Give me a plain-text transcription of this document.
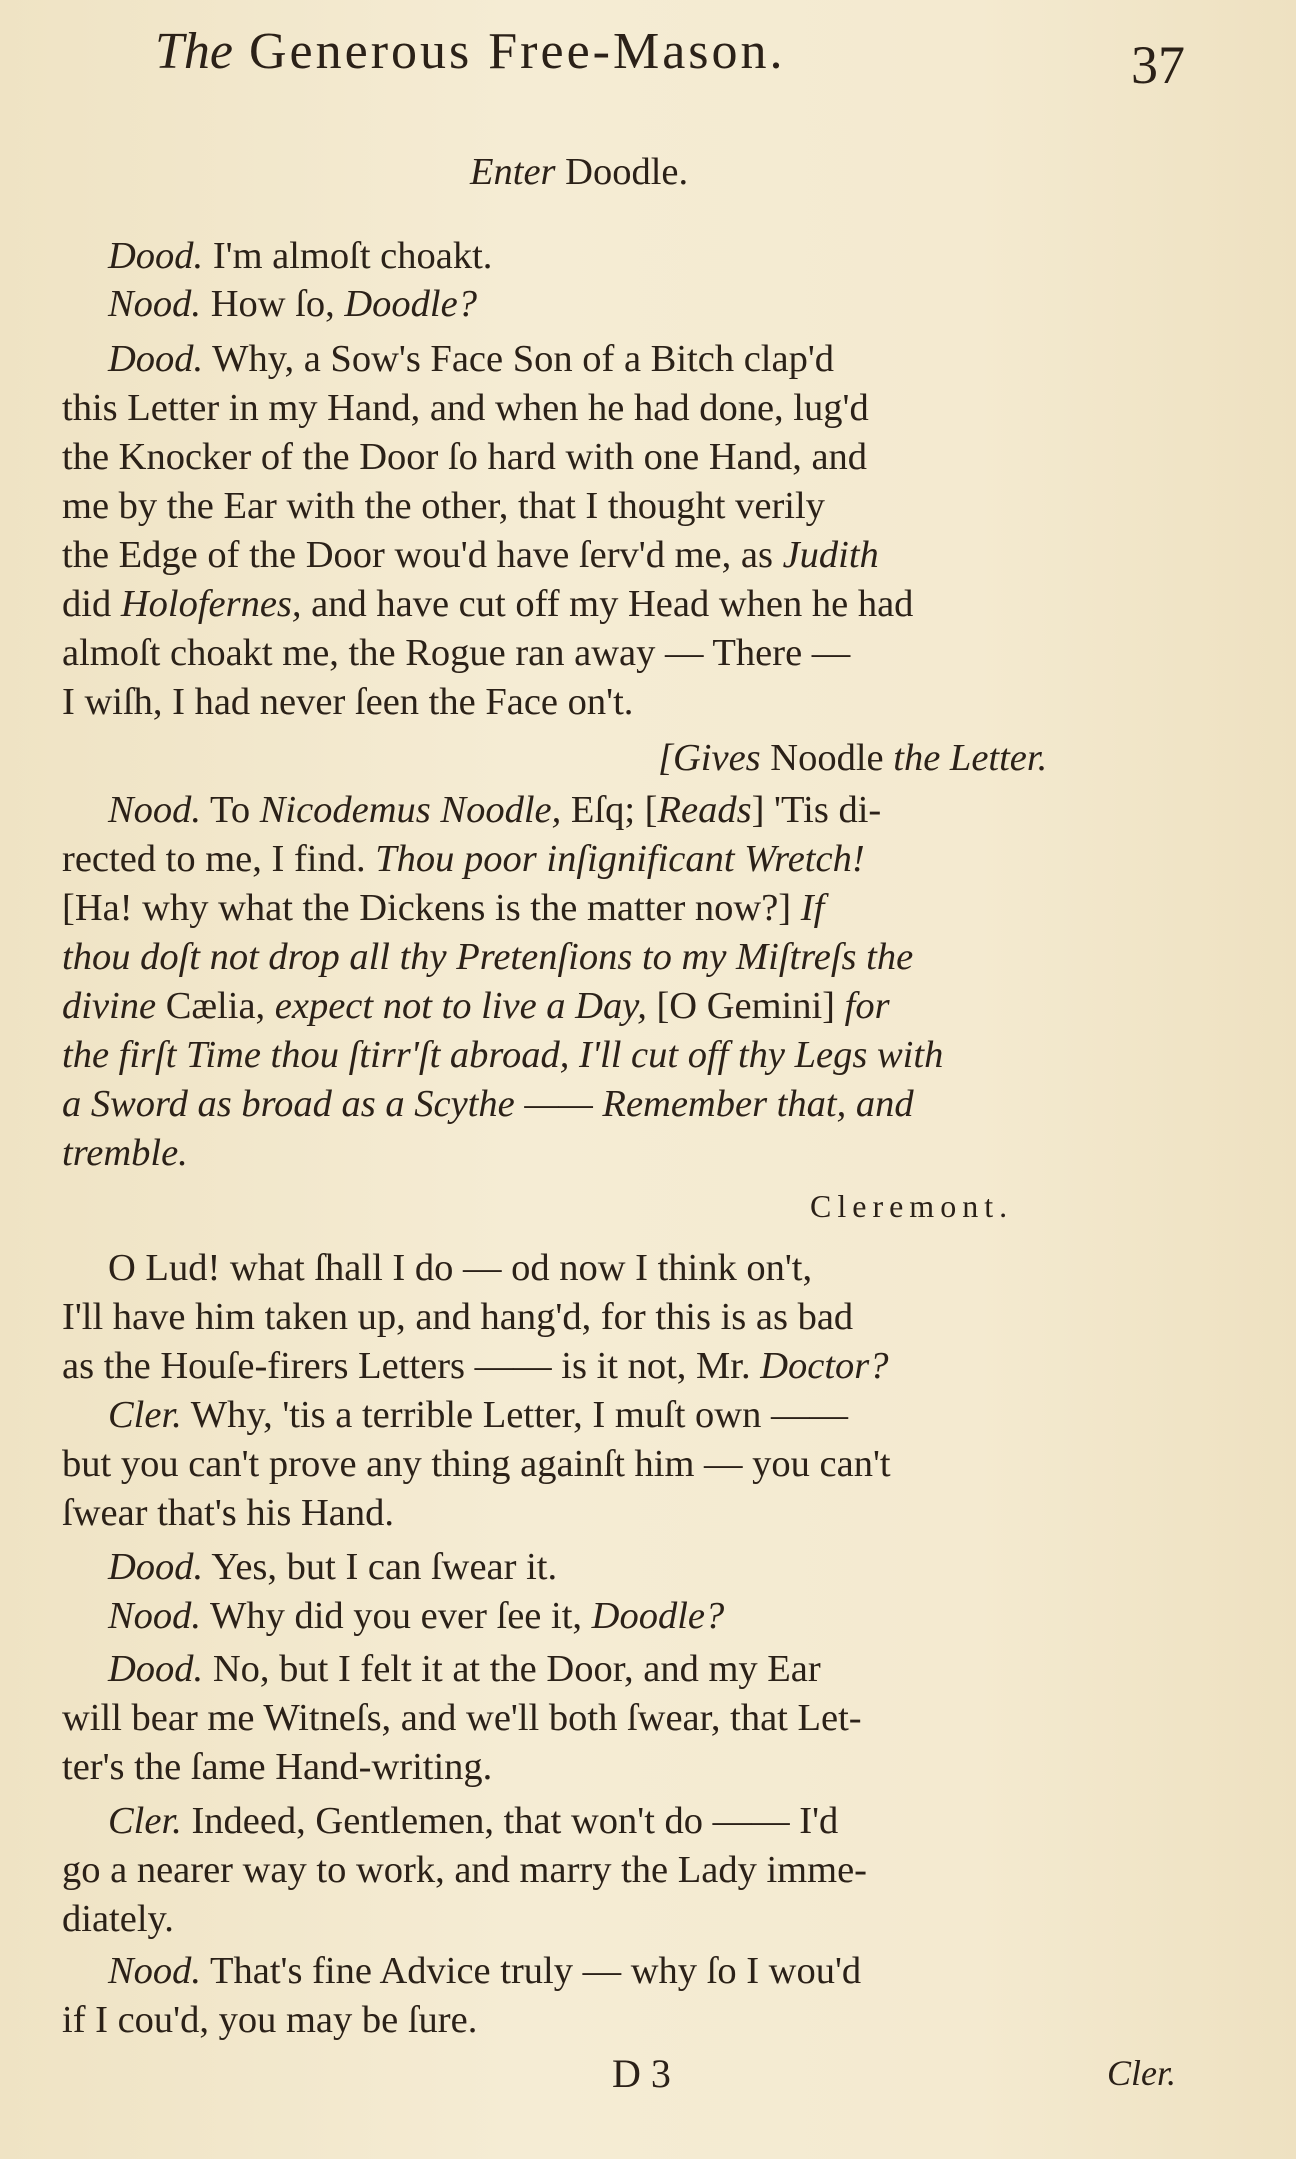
The Generous Free-Mason.	37
Enter Doodle.
Dood. I'm almoſt choakt.
Nood. How ſo, Doodle?
Dood. Why, a Sow's Face Son of a Bitch clap'd
this Letter in my Hand, and when he had done, lug'd
the Knocker of the Door ſo hard with one Hand, and
me by the Ear with the other, that I thought verily
the Edge of the Door wou'd have ſerv'd me, as Judith
did Holofernes, and have cut off my Head when he had
almoſt choakt me, the Rogue ran away — There —
I wiſh, I had never ſeen the Face on't.
[Gives Noodle the Letter.
Nood. To Nicodemus Noodle, Eſq; [Reads] 'Tis di-
rected to me, I find. Thou poor inſignificant Wretch!
[Ha! why what the Dickens is the matter now?] If
thou doſt not drop all thy Pretenſions to my Miſtreſs the
divine Cælia, expect not to live a Day, [O Gemini] for
the firſt Time thou ſtirr'ſt abroad, I'll cut off thy Legs with
a Sword as broad as a Scythe —— Remember that, and
tremble.
Cleremont.
O Lud! what ſhall I do — od now I think on't,
I'll have him taken up, and hang'd, for this is as bad
as the Houſe-firers Letters —— is it not, Mr. Doctor?
Cler. Why, 'tis a terrible Letter, I muſt own ——
but you can't prove any thing againſt him — you can't
ſwear that's his Hand.
Dood. Yes, but I can ſwear it.
Nood. Why did you ever ſee it, Doodle?
Dood. No, but I felt it at the Door, and my Ear
will bear me Witneſs, and we'll both ſwear, that Let-
ter's the ſame Hand-writing.
Cler. Indeed, Gentlemen, that won't do —— I'd
go a nearer way to work, and marry the Lady imme-
diately.
Nood. That's fine Advice truly — why ſo I wou'd
if I cou'd, you may be ſure.
D 3	Cler.
